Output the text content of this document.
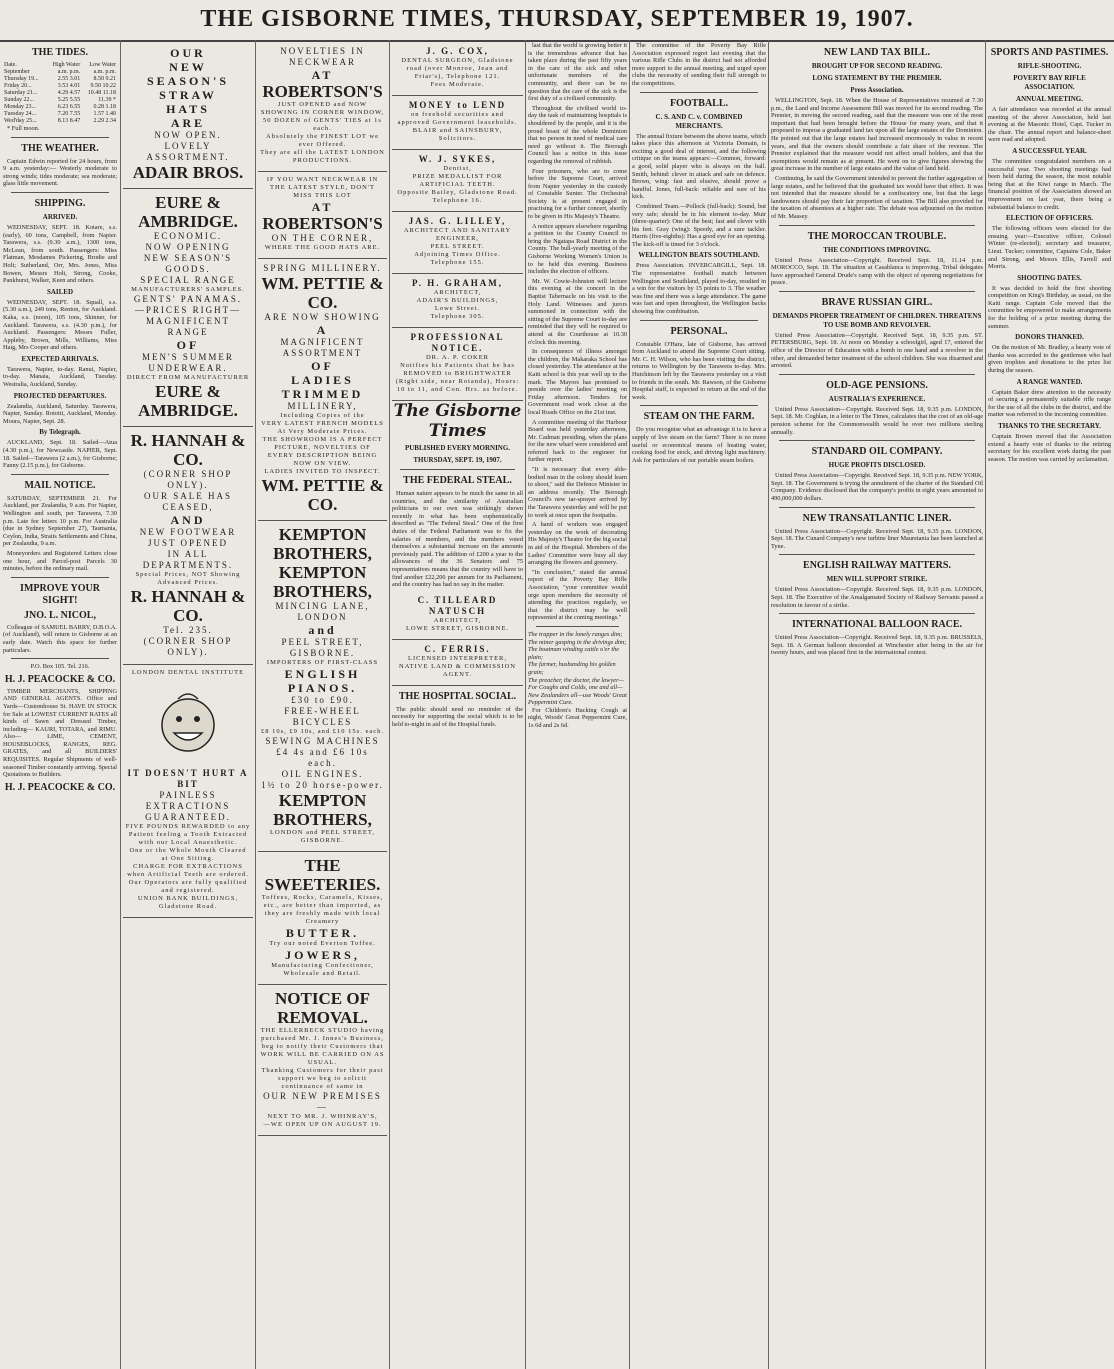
THE GISBORNE TIMES, THURSDAY, SEPTEMBER 19, 1907.
THE TIDES.
Date.	High Water	Low Water
September	a.m. p.m.	a.m. p.m.
Thursday 19...	2.55 3.01	8.50 9.21
Friday 20...	3.53 4.01	9.50 10.22
Saturday 21...	4.29 4.57	10.48 11.18
Sunday 22...	5.25 5.55	11.39 *
Monday 23...	6.23 6.55	0.28 1.18
Tuesday 24...	7.20 7.55	1.57 1.40
Wed'day 25...	8.13 8.47	2.29 2.34

* Full moon.

THE WEATHER.

Captain Edwin reported for 24 hours, from 9 a.m. yesterday:— Westerly moderate to strong winds; tides moderate; sea moderate; glass little movement.

SHIPPING.
ARRIVED.

WEDNESDAY, SEPT. 18. Kotare, s.s. (early), 60 tons, Campbell, from Napier. Tarawera, s.s. (9.30 a.m.), 1300 tons, McLean, from south. Passengers: Miss Flatman, Mesdames Pickering, Brodie and Holt; Sutherland, Orr, Mrs. Jones, Miss Bowen, Messrs Holt, Strong, Cooke, Pankhurst, Walker, Keen and others.

SAILED

WEDNESDAY, SEPT. 18. Squall, s.s. (5.30 a.m.), 249 tons, Renton, for Auckland. Kaka, s.s. (noon), 105 tons, Skinner, for Auckland. Tarawera, s.s. (4.30 p.m.), for Auckland. Passengers: Messrs Fuller, Appleby, Brown, Mills, Williams, Miss Haig, Mrs Cooper and others.

EXPECTED ARRIVALS.

Tarawera, Napier, to-day. Ranui, Napier, to-day. Manaia, Auckland, Tuesday. Westralia, Auckland, Sunday.

PROJECTED DEPARTURES.

Zealandia, Auckland, Saturday. Tarawera, Napier, Sunday. Rotoiti, Auckland, Monday. Moura, Napier, Sept. 28.

By Telegraph.

AUCKLAND, Sept. 18. Sailed—Atua (4.30 p.m.), for Newcastle. NAPIER, Sept. 18. Sailed—Tarawera (2 a.m.), for Gisborne; Fanny (2.15 p.m.), for Gisborne.

MAIL NOTICE.

SATURDAY, SEPTEMBER 21. For Auckland, per Zealandia, 9 a.m. For Napier, Wellington and south, per Tarawera, 7.30 p.m. Late fee letters 10 p.m. For Australia (due in Sydney September 27), Tasmania, Ceylon, India, Straits Settlements and China, per Zealandia, 9 a.m.

Moneyorders and Registered Letters close one hour, and Parcel-post Parcels 30 minutes, before the ordinary mail.

IMPROVE YOUR SIGHT!
JNO. L. NICOL,

Colleague of SAMUEL BARRY, D.B.O.A. (of Auckland), will return to Gisborne at an early date. Watch this space for further particulars.

P.O. Box 105. Tel. 216.

H. J. PEACOCKE & CO.

TIMBER MERCHANTS, SHIPPING AND GENERAL AGENTS. Office and Yards—Customhouse St. HAVE IN STOCK for Sale at LOWEST CURRENT RATES all kinds of Sawn and Dressed Timber, including— KAURI, TOTARA, and RIMU. Also— LIME, CEMENT, HOUSEBLOCKS, RANGES, REG. GRATES, and all BUILDERS' REQUISITES. Regular Shipments of well-seasoned Timber constantly arriving. Special Quotations to Builders.

H. J. PEACOCKE & CO.
OUR
NEW
SEASON'S
STRAW
HATS
ARE
NOW OPEN.
LOVELY ASSORTMENT.
ADAIR BROS.
EURE & AMBRIDGE.
ECONOMIC.
NOW OPENING
NEW SEASON'S GOODS.
SPECIAL RANGE
MANUFACTURERS' SAMPLES.
GENTS' PANAMAS.
—PRICES RIGHT—
MAGNIFICENT RANGE
OF
MEN'S SUMMER
UNDERWEAR.
DIRECT FROM MANUFACTURER
EURE & AMBRIDGE.
R. HANNAH & CO.
(CORNER SHOP ONLY).
OUR SALE HAS CEASED,
AND
NEW FOOTWEAR
JUST OPENED
IN ALL DEPARTMENTS.
Special Prices, NOT Showing Advanced Prices.
R. HANNAH & CO.
Tel. 235.
(CORNER SHOP ONLY).
LONDON DENTAL INSTITUTE
IT DOESN'T HURT A BIT
PAINLESS EXTRACTIONS
GUARANTEED.
FIVE POUNDS REWARDED to any Patient feeling a Tooth Extracted with our Local Anaesthetic.
One or the Whole Mouth Cleared at One Sitting.
CHARGE FOR EXTRACTIONS when Artificial Teeth are ordered.
Our Operators are fully qualified and registered.
UNION BANK BUILDINGS, Gladstone Road.
NOVELTIES IN NECKWEAR
AT
ROBERTSON'S
JUST OPENED and NOW SHOWING IN CORNER WINDOW,
50 DOZEN of GENTS' TIES at 1s each.
Absolutely the FINEST LOT we ever Offered.
They are all the LATEST LONDON PRODUCTIONS.
IF YOU WANT NECKWEAR IN THE LATEST STYLE, DON'T MISS THIS LOT
AT
ROBERTSON'S
ON THE CORNER,
WHERE THE GOOD HATS ARE.
SPRING MILLINERY.
WM. PETTIE & CO.
ARE NOW SHOWING
A
MAGNIFICENT ASSORTMENT
OF
LADIES
TRIMMED
MILLINERY,
Including Copies of the
VERY LATEST FRENCH MODELS
At Very Moderate Prices.
THE SHOWROOM IS A PERFECT PICTURE, NOVELTIES OF EVERY DESCRIPTION BEING NOW ON VIEW.
LADIES INVITED TO INSPECT.
WM. PETTIE & CO.
KEMPTON BROTHERS,
KEMPTON BROTHERS,
MINCING LANE, LONDON
and
PEEL STREET, GISBORNE.
IMPORTERS OF FIRST-CLASS
ENGLISH
PIANOS.
£30 to £90.
FREE-WHEEL BICYCLES
£8 10s, £9 10s, and £10 15s. each.
SEWING MACHINES
£4 4s and £6 10s each.
OIL ENGINES.
1½ to 20 horse-power.
KEMPTON BROTHERS,
LONDON and PEEL STREET, GISBORNE.
THE SWEETERIES.
Toffees, Rocks, Caramels, Kisses, etc., are better than imported, as they are freshly made with local Creamery
BUTTER.
Try our noted Everton Toffee.
JOWERS,
Manufacturing Confectioner, Wholesale and Retail.
NOTICE OF REMOVAL.
THE ELLERBECK STUDIO having purchased Mr. J. Innes's Business, beg to notify their Customers that WORK WILL BE CARRIED ON AS USUAL.
Thanking Customers for their past support we beg to solicit continuance of same in
OUR NEW PREMISES—
NEXT TO MR. J. WHINRAY'S,
—WE OPEN UP ON AUGUST 19.
J. G. COX,
DENTAL SURGEON, Gladstone road (over Monroe, Jean and Friar's), Telephone 121.
Fees Moderate.
MONEY to LEND
on freehold securities and approved Government leaseholds.
BLAIR and SAINSBURY, Solicitors.
W. J. SYKES,
Dentist,
PRIZE MEDALLIST FOR ARTIFICIAL TEETH.
Opposite Bailey, Gladstone Road. Telephone 16.
JAS. G. LILLEY,
ARCHITECT AND SANITARY ENGINEER,
PEEL STREET.
Adjoining Times Office.
Telephone 155.
P. H. GRAHAM,
ARCHITECT,
ADAIR'S BUILDINGS,
Lowe Street.
Telephone 305.
PROFESSIONAL NOTICE.
DR. A. P. COKER
Notifies his Patients that he has REMOVED to BRIGHTWATER (Right side, near Rotanda), Hours: 10 to 11, and Con. Hrs. as before.
The Gisborne Times
PUBLISHED EVERY MORNING.
THURSDAY, SEPT. 19, 1907.
THE FEDERAL STEAL.

Human nature appears to be much the same in all countries, and the similarity of Australian politicians to our own was strikingly shown recently in what has been euphemistically described as "The Federal Steal." One of the first duties of the Federal Parliament was to fix the salaries of members, and the members voted themselves a substantial increase on the amounts previously paid. The addition of £200 a year to the allowances of the 36 Senators and 75 representatives means that the country will have to find another £22,200 per annum for its Parliament, and the country has had no say in the matter.

C. TILLEARD NATUSCH
ARCHITECT,
LOWE STREET, GISBORNE.
C. FERRIS.
LICENSED INTERPRETER,
NATIVE LAND & COMMISSION AGENT.
THE HOSPITAL SOCIAL.

The public should need no reminder of the necessity for supporting the social which is to be held to-night in aid of the Hospital funds.

last that the world is growing better it is the tremendous advance that has taken place during the past fifty years in the care of the sick and other unfortunate members of the community, and there can be no question that the care of the sick is the first duty of a civilised community.

Throughout the civilised world to-day the task of maintaining hospitals is shouldered by the people, and it is the proud boast of the whole Dominion that no person in need of medical care need go without it. The Borough Council has a notice in this issue regarding the removal of rubbish.

Four prisoners, who are to come before the Supreme Court, arrived from Napier yesterday in the custody of Constable Sunter. The Orchestral Society is at present engaged in practising for a further concert, shortly to be given in His Majesty's Theatre.

A notice appears elsewhere regarding a petition to the County Council to bring the Ngatapa Road District in the County. The bull-yearly meeting of the Gisborne Working Women's Union is to be held this evening. Business includes the election of officers.

Mr. W. Cowie-Johnston will lecture this evening at the concert in the Baptist Tabernacle on his visit to the Holy Land. Witnesses and jurors summoned in connection with the sitting of the Supreme Court to-day are reminded that they will be required to attend at the Courthouse at 10.30 o'clock this morning.

In consequence of illness amongst the children, the Makaraka School has closed yesterday. The attendance at the Kaiti school is this year well up to the mark. The Mayors has promised to preside over the ladies' meeting on Friday afternoon. Tenders for Government road work close at the local Roads Office on the 21st inst.

A committee meeting of the Harbour Board was held yesterday afternoon, Mr. Cadman presiding, when the plans for the new wharf were considered and referred back to the engineer for further report.

"It is necessary that every able-bodied man in the colony should learn to shoot," said the Defence Minister in an address recently. The Borough Council's new tar-sprayer arrived by the Tarawera yesterday and will be put to work at once upon the footpaths.

A hand of workers was engaged yesterday on the work of decorating His Majesty's Theatre for the big social in aid of the Hospital. Members of the Ladies' Committee were busy all day arranging the flowers and greenery.

"In conclusion," stated the annual report of the Poverty Bay Rifle Association, "your committee would urge upon members the necessity of attending the practices regularly, so that the district may be well represented at the coming meetings."

The trapper in the lonely ranges dim;
The miner gasping in the drivings dim;
The boatman winding cattle o'er the plain;
The farmer, husbanding his golden grain;
The preacher, the doctor, the lawyer—
For Coughs and Colds, one and all—
New Zealanders all—use Woods' Great Peppermint Cure.

For Children's Hacking Cough at night, Woods' Great Peppermint Cure, 1s 6d and 2s 6d.

The committee of the Poverty Bay Rifle Association expressed regret last evening that the various Rifle Clubs in the district had not afforded more support to the annual meeting, and urged upon clubs the necessity of sending their full strength to the competitions.

FOOTBALL.
C. S. AND C. v. COMBINED MERCHANTS.

The annual fixture between the above teams, which takes place this afternoon at Victoria Domain, is exciting a good deal of interest, and the following critique on the teams appears:—Common, forward: a good, solid player who is always on the ball. Smith, behind: clever in attack and safe on defence. Brown, wing: fast and elusive, should prove a handful. Jones, full-back: reliable and sure of his kick.

Combined Team.—Pollock (full-back): Sound, but very safe; should be in his element to-day. Muir (three-quarter): One of the best; fast and clever with his feet. Gray (wing): Speedy, and a sure tackler. Harris (five-eighths): Has a good eye for an opening. The kick-off is timed for 3 o'clock.

WELLINGTON BEATS SOUTHLAND.

Press Association. INVERCARGILL, Sept. 18. The representative football match between Wellington and Southland, played to-day, resulted in a win for the visitors by 15 points to 3. The weather was fine and there was a large attendance. The game was fast and open throughout, the Wellington backs showing fine combination.

PERSONAL.

Constable O'Hara, late of Gisborne, has arrived from Auckland to attend the Supreme Court sitting. Mr. C. H. Wilson, who has been visiting the district, returns to Wellington by the Tarawera to-day. Mrs. Hutchinson left by the Tarawera yesterday on a visit to friends in the south. Mr. Rawson, of the Gisborne Hospital staff, is expected to return at the end of the week.

STEAM ON THE FARM.

Do you recognise what an advantage it is to have a supply of live steam on the farm? There is no more useful or economical means of heating water, cooking food for stock, and driving light machinery. Ask for particulars of our portable steam boilers.

NEW LAND TAX BILL.
BROUGHT UP FOR SECOND READING.
LONG STATEMENT BY THE PREMIER.
Press Association.

WELLINGTON, Sept. 18. When the House of Representatives resumed at 7.30 p.m., the Land and Income Assessment Bill was moved for its second reading. The Premier, in moving the second reading, said that the measure was one of the most important that had been brought before the House for many years, and that it proposed to impose a graduated land tax upon all the large estates of the Dominion. He pointed out that the large estates had increased enormously in value in recent years, and that the owners should contribute a fair share of the revenue. The Premier explained that the measure would not affect small holders, and that the exemptions would remain as at present. He went on to give figures showing the great increase in the number of large estates and the value of land held.

Continuing, he said the Government intended to prevent the further aggregation of large estates, and he believed that the graduated tax would have that effect. It was not intended that the measure should be a confiscatory one, but that the large landowners should pay their fair proportion of taxation. The Bill also provided for the taxation of absentees at a higher rate. The debate was adjourned on the motion of Mr. Massey.

THE MOROCCAN TROUBLE.
THE CONDITIONS IMPROVING.

United Press Association—Copyright. Received Sept. 18, 11.14 p.m. MOROCCO, Sept. 18. The situation at Casablanca is improving. Tribal delegates have approached General Drude's camp with the object of opening negotiations for peace.

BRAVE RUSSIAN GIRL.
DEMANDS PROPER TREATMENT OF CHILDREN. THREATENS TO USE BOMB AND REVOLVER.

United Press Association—Copyright. Received Sept. 18, 9.35 p.m. ST. PETERSBURG, Sept. 18. At noon on Monday a schoolgirl, aged 17, entered the office of the Director of Education with a bomb in one hand and a revolver in the other, and demanded better treatment of the school children. She was disarmed and arrested.

OLD-AGE PENSIONS.
AUSTRALIA'S EXPERIENCE.

United Press Association—Copyright. Received Sept. 18, 9.35 p.m. LONDON, Sept. 18. Mr. Coghlan, in a letter to The Times, calculates that the cost of an old-age pension scheme for the Commonwealth would be over two millions sterling annually.

STANDARD OIL COMPANY.
HUGE PROFITS DISCLOSED.

United Press Association—Copyright. Received Sept. 18, 9.35 p.m. NEW YORK, Sept. 18. The Government is trying the annulment of the charter of the Standard Oil Company. Evidence disclosed that the company's profits in eight years amounted to 490,000,000 dollars.

NEW TRANSATLANTIC LINER.

United Press Association—Copyright. Received Sept. 18, 9.35 p.m. LONDON, Sept. 18. The Cunard Company's new turbine liner Mauretania has been launched at Tyne.

ENGLISH RAILWAY MATTERS.
MEN WILL SUPPORT STRIKE.

United Press Association—Copyright. Received Sept. 18, 9.35 p.m. LONDON, Sept. 18. The Executive of the Amalgamated Society of Railway Servants passed a resolution in favour of a strike.

INTERNATIONAL BALLOON RACE.

United Press Association—Copyright. Received Sept. 18, 9.35 p.m. BRUSSELS, Sept. 18. A German balloon descended at Winchester after being in the air for twenty hours, and was placed first in the international contest.

SPORTS AND PASTIMES.
RIFLE-SHOOTING.
POVERTY BAY RIFLE ASSOCIATION.
ANNUAL MEETING.

A fair attendance was recorded at the annual meeting of the above Association, held last evening at the Masonic Hotel, Capt. Tucker in the chair. The annual report and balance-sheet were read and adopted.

A SUCCESSFUL YEAR.

The committee congratulated members on a successful year. Two shooting meetings had been held during the season, the most notable being that at the Kiwi range in March. The financial position of the Association showed an improvement on last year, there being a substantial balance to credit.

ELECTION OF OFFICERS.

The following officers were elected for the ensuing year:—Executive officer, Colonel Winter (re-elected); secretary and treasurer, Lieut. Tucker; committee, Captains Cole, Baker and Strong, and Messrs Ellis, Farrell and Morris.

SHOOTING DATES.

It was decided to hold the first shooting competition on King's Birthday, as usual, on the Kaiti range. Captain Cole moved that the committee be empowered to make arrangements for the holding of a prize meeting during the summer.

DONORS THANKED.

On the motion of Mr. Bradley, a hearty vote of thanks was accorded to the gentlemen who had given trophies and donations to the prize list during the season.

A RANGE WANTED.

Captain Baker drew attention to the necessity of securing a permanently suitable rifle range for the use of all the clubs in the district, and the matter was referred to the incoming committee.

THANKS TO THE SECRETARY.

Captain Brown moved that the Association extend a hearty vote of thanks to the retiring secretary for his excellent work during the past season. The motion was carried by acclamation.
